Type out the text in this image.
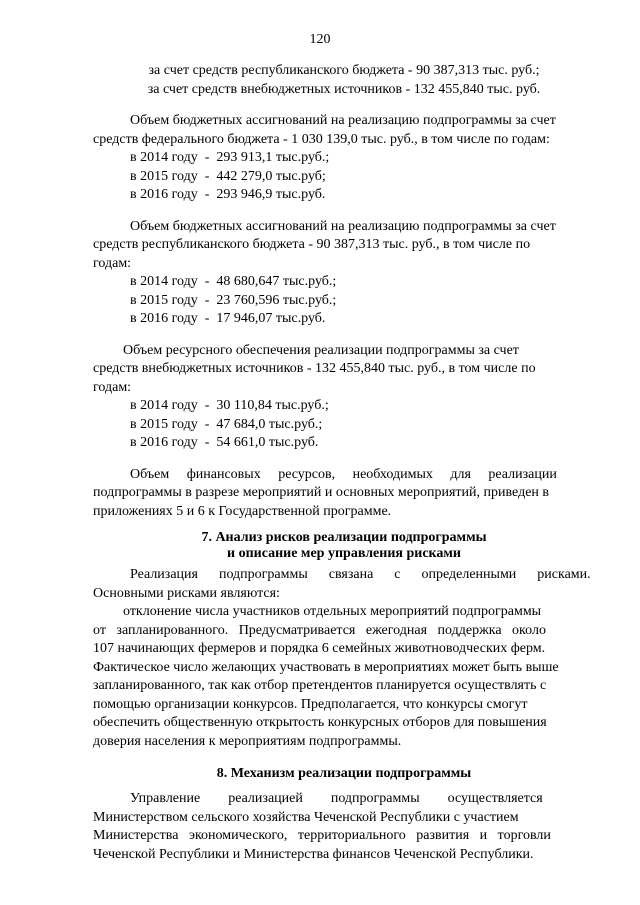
120
за счет средств республиканского бюджета - 90 387,313 тыс. руб.;
за счет средств внебюджетных источников - 132 455,840 тыс. руб.
Объем бюджетных ассигнований на реализацию подпрограммы за счет
средств федерального бюджета - 1 030 139,0 тыс. руб., в том числе по годам:
в 2014 году  -  293 913,1 тыс.руб.;
в 2015 году  -  442 279,0 тыс.руб;
в 2016 году  -  293 946,9 тыс.руб.
Объем бюджетных ассигнований на реализацию подпрограммы за счет
средств республиканского бюджета - 90 387,313 тыс. руб., в том числе по
годам:
в 2014 году  -  48 680,647 тыс.руб.;
в 2015 году  -  23 760,596 тыс.руб.;
в 2016 году  -  17 946,07 тыс.руб.
Объем ресурсного обеспечения реализации подпрограммы за счет
средств внебюджетных источников - 132 455,840 тыс. руб., в том числе по
годам:
в 2014 году  -  30 110,84 тыс.руб.;
в 2015 году  -  47 684,0 тыс.руб.;
в 2016 году  -  54 661,0 тыс.руб.
Объем     финансовых     ресурсов,     необходимых     для     реализации
подпрограммы в разрезе мероприятий и основных мероприятий, приведен в
приложениях 5 и 6 к Государственной программе.
7. Анализ рисков реализации подпрограммы
и описание мер управления рисками
Реализация      подпрограммы      связана      с      определенными      рисками.
Основными рисками являются:
отклонение числа участников отдельных мероприятий подпрограммы
от   запланированного.   Предусматривается   ежегодная   поддержка   около
107 начинающих фермеров и порядка 6 семейных животноводческих ферм.
Фактическое число желающих участвовать в мероприятиях может быть выше
запланированного, так как отбор претендентов планируется осуществлять с
помощью организации конкурсов. Предполагается, что конкурсы смогут
обеспечить общественную открытость конкурсных отборов для повышения
доверия населения к мероприятиям подпрограммы.
8. Механизм реализации подпрограммы
Управление        реализацией        подпрограммы        осуществляется
Министерством сельского хозяйства Чеченской Республики с участием
Министерства   экономического,   территориального   развития   и   торговли
Чеченской Республики и Министерства финансов Чеченской Республики.
